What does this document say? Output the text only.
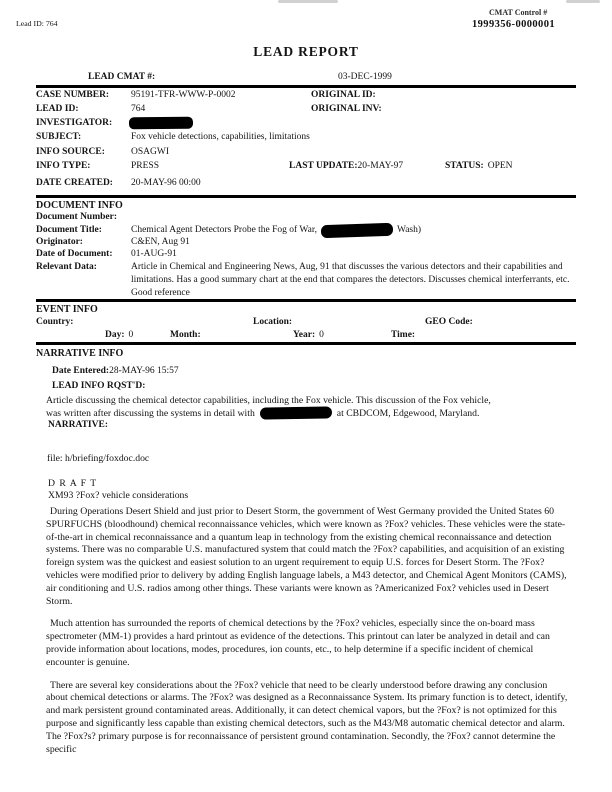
Lead ID: 764
CMAT Control #
1999356-0000001
LEAD REPORT
LEAD CMAT #:	03-DEC-1999
CASE NUMBER:	95191-TFR-WWW-P-0002	ORIGINAL ID:
LEAD ID:	764	ORIGINAL INV:
INVESTIGATOR:
SUBJECT:	Fox vehicle detections, capabilities, limitations
INFO SOURCE:	OSAGWI
INFO TYPE:	PRESS	LAST UPDATE: 20-MAY-97	STATUS: OPEN
DATE CREATED:	20-MAY-96 00:00
DOCUMENT INFO
Document Number:
Document Title:	Chemical Agent Detectors Probe the Fog of War,	Wash)
Originator:	C&EN, Aug 91
Date of Document:	01-AUG-91
Relevant Data:	Article in Chemical and Engineering News, Aug, 91 that discusses the various detectors and their capabilities and limitations. Has a good summary chart at the end that compares the detectors. Discusses chemical interferrants, etc. Good reference
EVENT INFO
Country:	Location:	GEO Code:
Day: 0	Month:	Year: 0	Time:
NARRATIVE INFO
Date Entered: 28-MAY-96 15:57
LEAD INFO RQST'D:
Article discussing the chemical detector capabilities, including the Fox vehicle. This discussion of the Fox vehicle,
was written after discussing the systems in detail with	at CBDCOM, Edgewood, Maryland.
NARRATIVE:
file: h/briefing/foxdoc.doc
D R A F T
XM93 ?Fox? vehicle considerations

During Operations Desert Shield and just prior to Desert Storm, the government of West Germany provided the United States 60 SPURFUCHS (bloodhound) chemical reconnaissance vehicles, which were known as ?Fox? vehicles. These vehicles were the state-of-the-art in chemical reconnaissance and a quantum leap in technology from the existing chemical reconnaissance and detection systems. There was no comparable U.S. manufactured system that could match the ?Fox? capabilities, and acquisition of an existing foreign system was the quickest and easiest solution to an urgent requirement to equip U.S. forces for Desert Storm. The ?Fox? vehicles were modified prior to delivery by adding English language labels, a M43 detector, and Chemical Agent Monitors (CAMS), air conditioning and U.S. radios among other things. These variants were known as ?Americanized Fox? vehicles used in Desert Storm.

Much attention has surrounded the reports of chemical detections by the ?Fox? vehicles, especially since the on-board mass spectrometer (MM-1) provides a hard printout as evidence of the detections. This printout can later be analyzed in detail and can provide information about locations, modes, procedures, ion counts, etc., to help determine if a specific incident of chemical encounter is genuine.

There are several key considerations about the ?Fox? vehicle that need to be clearly understood before drawing any conclusion about chemical detections or alarms. The ?Fox? was designed as a Reconnaissance System. Its primary function is to detect, identify, and mark persistent ground contaminated areas. Additionally, it can detect chemical vapors, but the ?Fox? is not optimized for this purpose and significantly less capable than existing chemical detectors, such as the M43/M8 automatic chemical detector and alarm. The ?Fox?s? primary purpose is for reconnaissance of persistent ground contamination. Secondly, the ?Fox? cannot determine the specific
